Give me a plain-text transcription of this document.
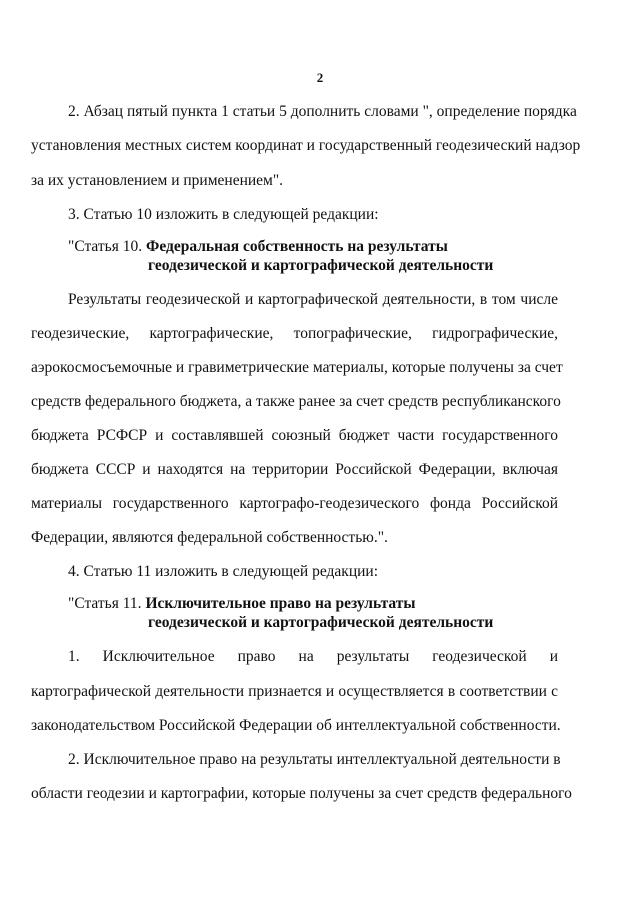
2
2. Абзац пятый пункта 1 статьи 5 дополнить словами ", определение порядка
установления местных систем координат и государственный геодезический надзор
за их установлением и применением".
3. Статью 10 изложить в следующей редакции:
"Статья 10. Федеральная собственность на результаты
геодезической и картографической деятельности
Результаты геодезической и картографической деятельности, в том числе
геодезические, картографические, топографические, гидрографические,
аэрокосмосъемочные и гравиметрические материалы, которые получены за счет
средств федерального бюджета, а также ранее за счет средств республиканского
бюджета РСФСР и составлявшей союзный бюджет части государственного
бюджета СССР и находятся на территории Российской Федерации, включая
материалы государственного картографо-геодезического фонда Российской
Федерации, являются федеральной собственностью.".
4. Статью 11 изложить в следующей редакции:
"Статья 11. Исключительное право на результаты
геодезической и картографической деятельности
1. Исключительное право на результаты геодезической и
картографической деятельности признается и осуществляется в соответствии с
законодательством Российской Федерации об интеллектуальной собственности.
2. Исключительное право на результаты интеллектуальной деятельности в
области геодезии и картографии, которые получены за счет средств федерального
